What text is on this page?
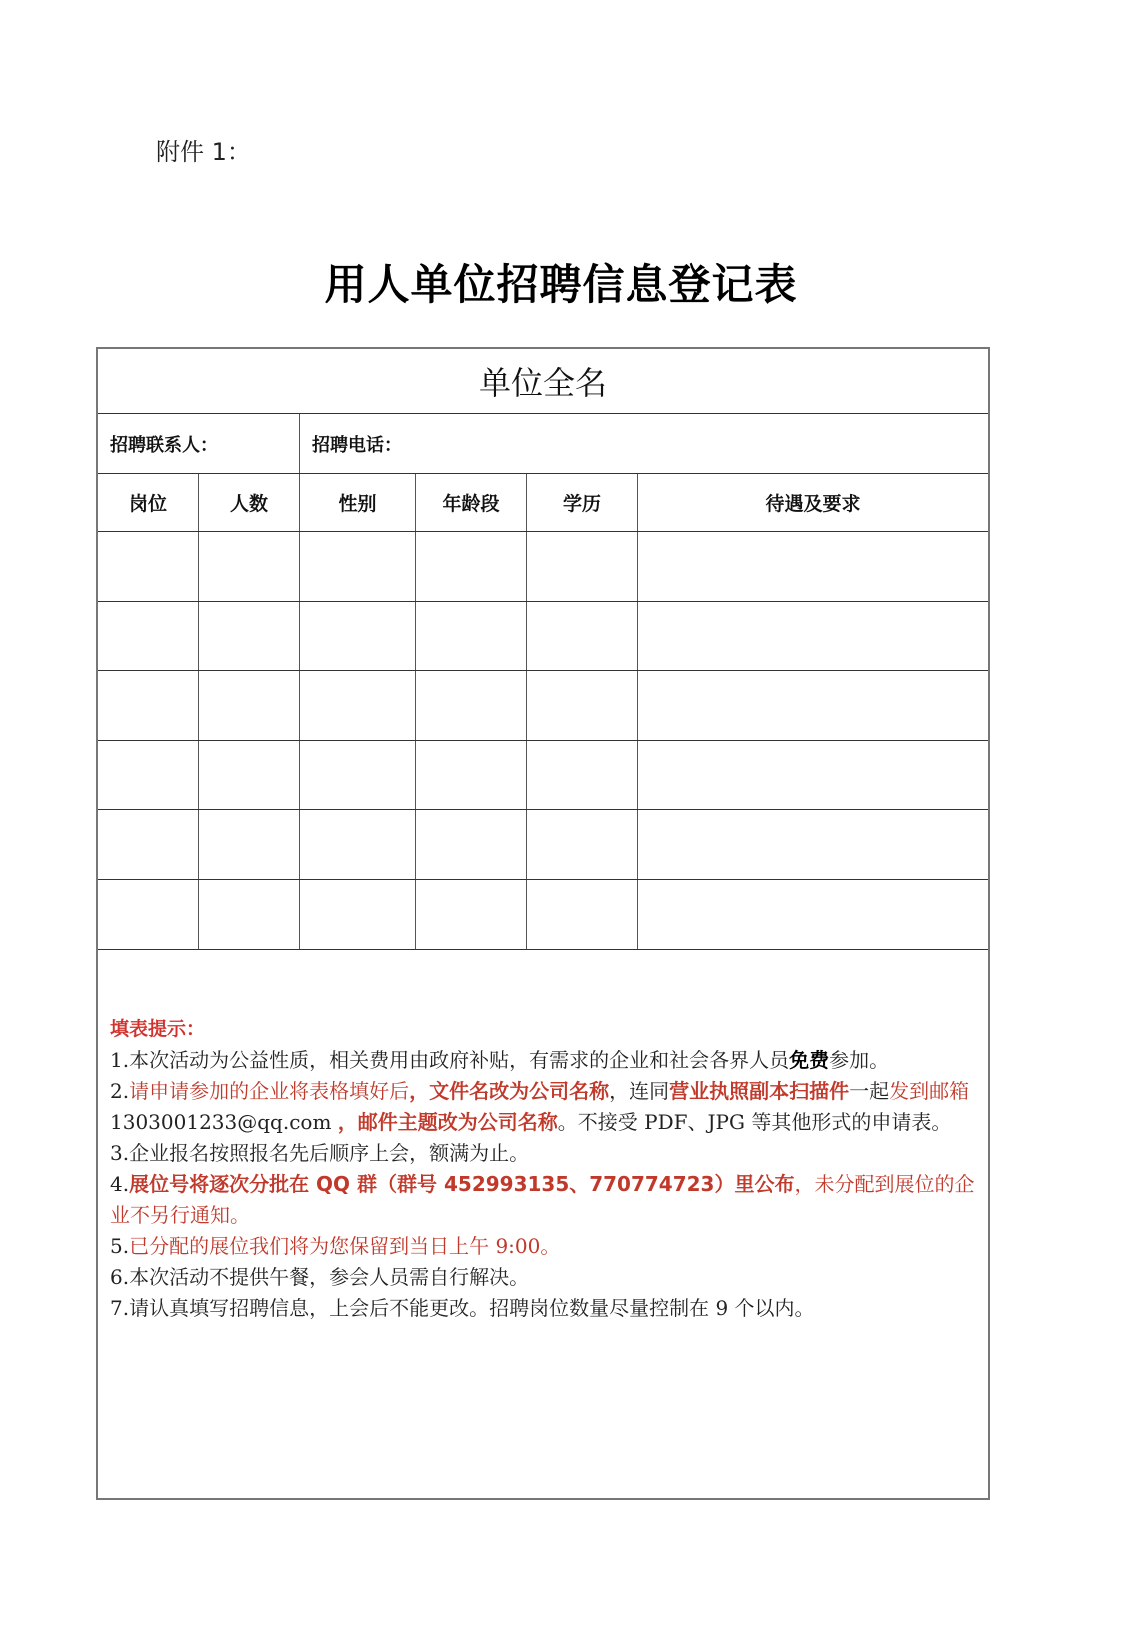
附件 1：
用人单位招聘信息登记表
单位全名
招聘联系人：	招聘电话：
岗位	人数	性别	年龄段	学历	待遇及要求
填表提示：

1.本次活动为公益性质，相关费用由政府补贴，有需求的企业和社会各界人员免费参加。

2.请申请参加的企业将表格填好后，文件名改为公司名称，连同营业执照副本扫描件一起发到邮箱 1303001233@qq.com ，邮件主题改为公司名称。不接受 PDF、JPG 等其他形式的申请表。

3.企业报名按照报名先后顺序上会，额满为止。

4.展位号将逐次分批在 QQ 群（群号 452993135、770774723）里公布，未分配到展位的企业不另行通知。

5.已分配的展位我们将为您保留到当日上午 9:00。

6.本次活动不提供午餐，参会人员需自行解决。

7.请认真填写招聘信息，上会后不能更改。招聘岗位数量尽量控制在 9 个以内。
